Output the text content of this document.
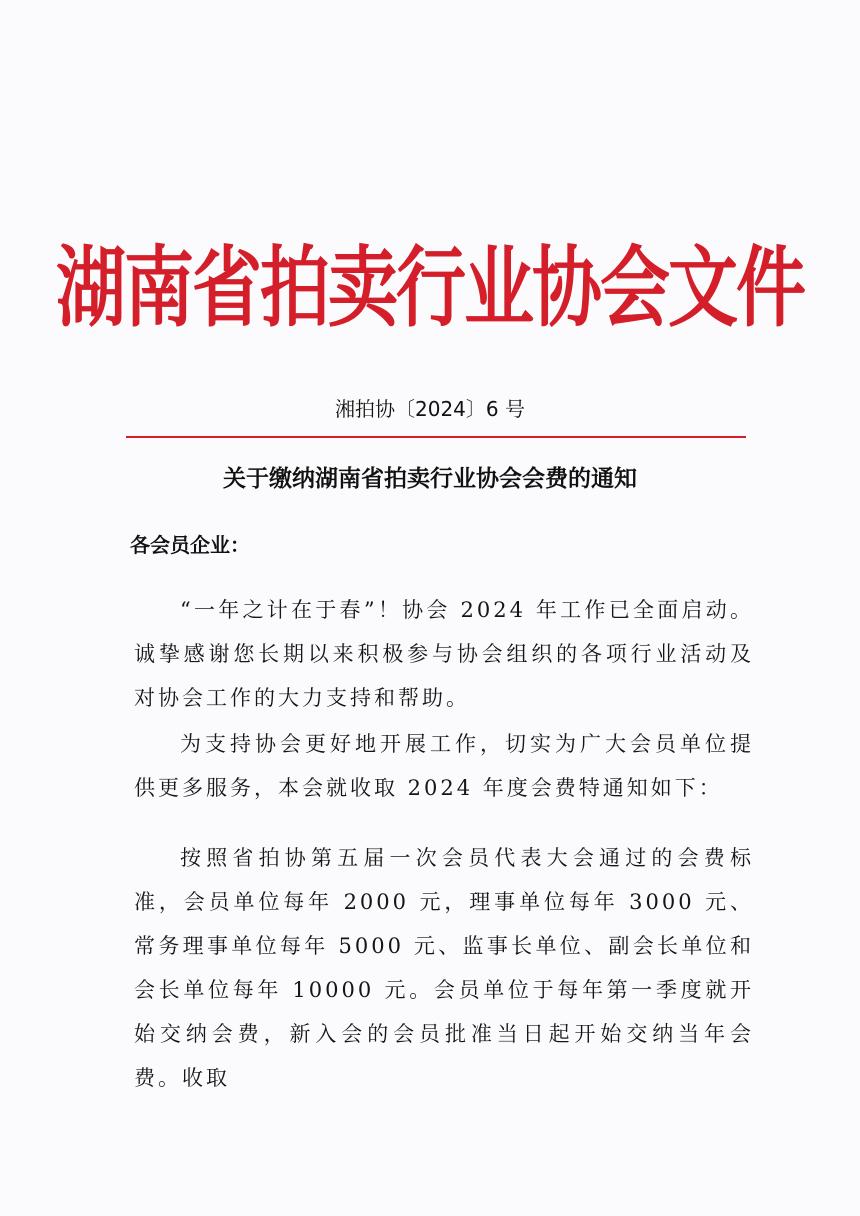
湖南省拍卖行业协会文件
湘拍协〔2024〕6 号
关于缴纳湖南省拍卖行业协会会费的通知
各会员企业：

“一年之计在于春”！协会 2024 年工作已全面启动。诚挚感谢您长期以来积极参与协会组织的各项行业活动及对协会工作的大力支持和帮助。

为支持协会更好地开展工作，切实为广大会员单位提供更多服务，本会就收取 2024 年度会费特通知如下：

按照省拍协第五届一次会员代表大会通过的会费标准，会员单位每年 2000 元，理事单位每年 3000 元、常务理事单位每年 5000 元、监事长单位、副会长单位和会长单位每年 10000 元。会员单位于每年第一季度就开始交纳会费，新入会的会员批准当日起开始交纳当年会费。收取
